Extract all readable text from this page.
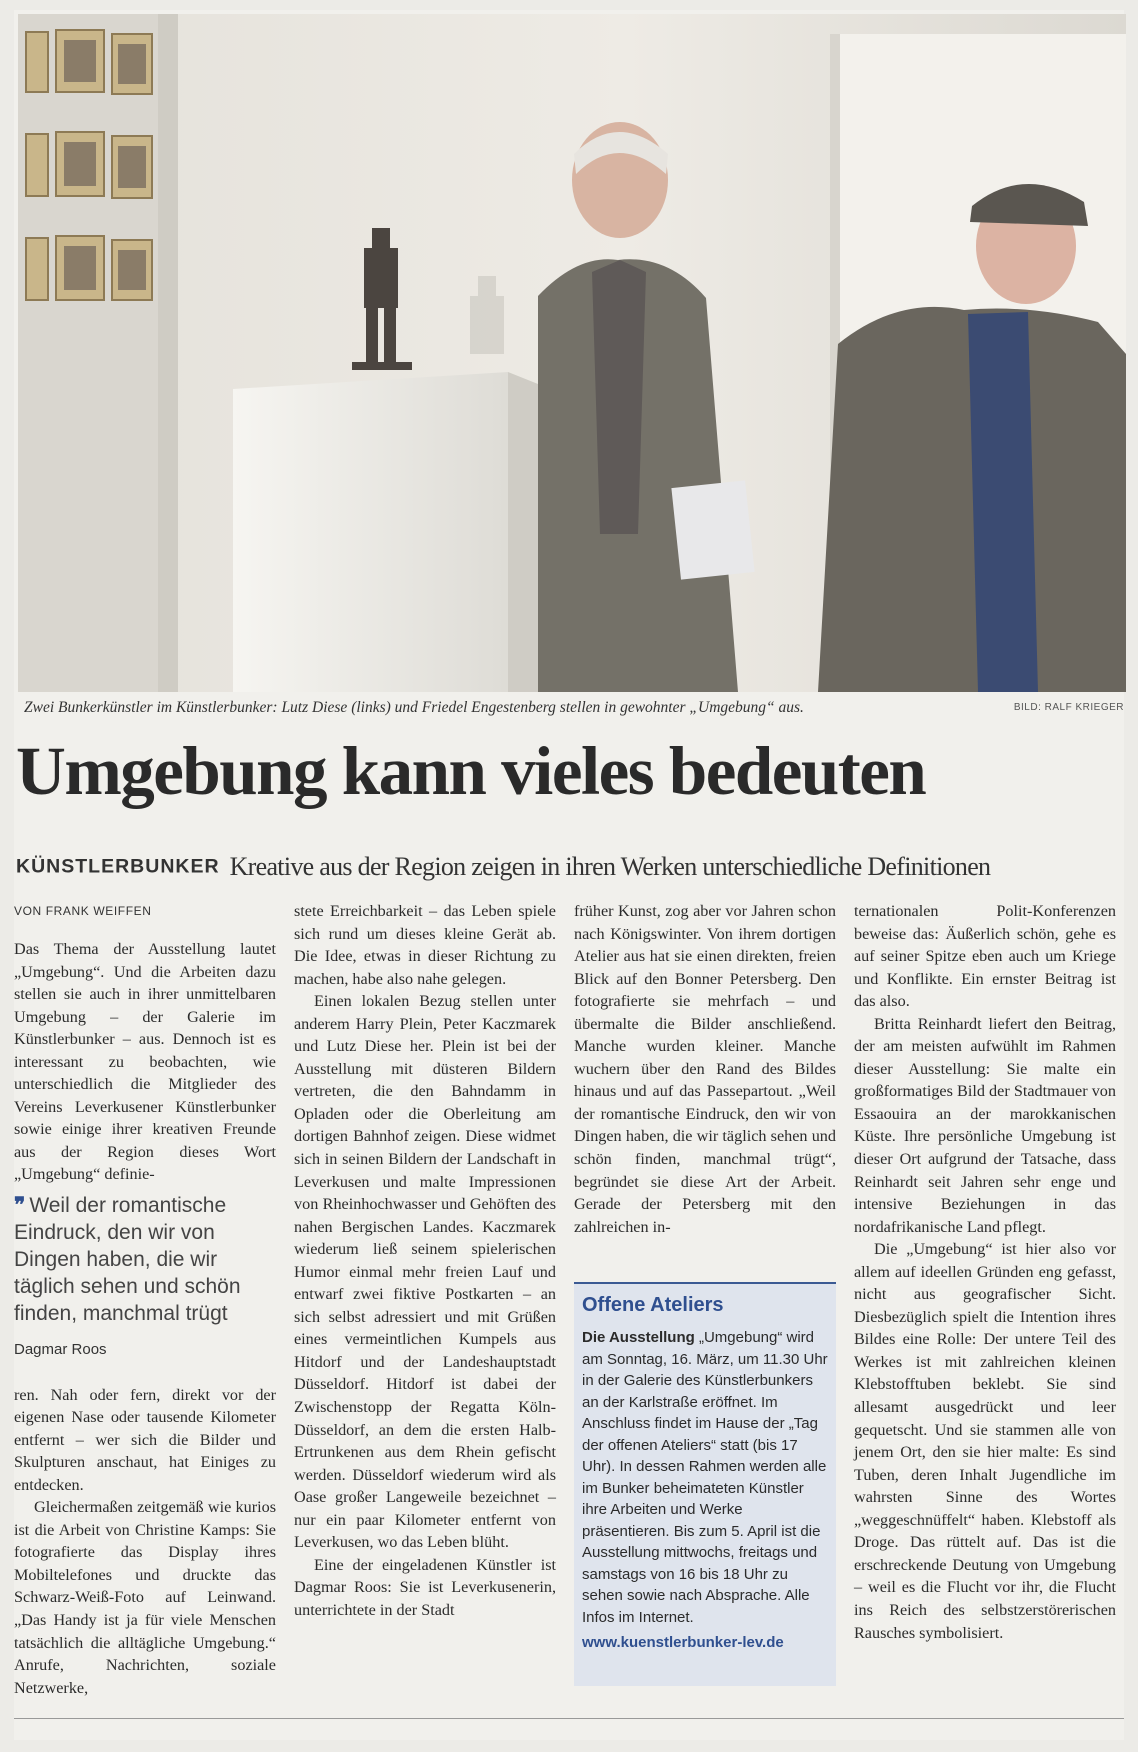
Zwei Bunkerkünstler im Künstlerbunker: Lutz Diese (links) und Friedel Engestenberg stellen in gewohnter „Umgebung“ aus.	BILD: RALF KRIEGER
Umgebung kann vieles bedeuten
KÜNSTLERBUNKER Kreative aus der Region zeigen in ihren Werken unterschiedliche Definitionen
VON FRANK WEIFFEN

Das Thema der Ausstellung lautet „Umgebung“. Und die Arbeiten dazu stellen sie auch in ihrer unmittelbaren Umgebung – der Galerie im Künstlerbunker – aus. Dennoch ist es interessant zu beobachten, wie unterschiedlich die Mitglieder des Vereins Leverkusener Künstlerbunker sowie einige ihrer kreativen Freunde aus der Region dieses Wort „Umgebung“ definie-

❞ Weil der romantische Eindruck, den wir von Dingen haben, die wir täglich sehen und schön finden, manchmal trügt
Dagmar Roos

ren. Nah oder fern, direkt vor der eigenen Nase oder tausende Kilometer entfernt – wer sich die Bilder und Skulpturen anschaut, hat Einiges zu entdecken.

Gleichermaßen zeitgemäß wie kurios ist die Arbeit von Christine Kamps: Sie fotografierte das Display ihres Mobiltelefones und druckte das Schwarz-Weiß-Foto auf Leinwand. „Das Handy ist ja für viele Menschen tatsächlich die alltägliche Umgebung.“ Anrufe, Nachrichten, soziale Netzwerke,

stete Erreichbarkeit – das Leben spiele sich rund um dieses kleine Gerät ab. Die Idee, etwas in dieser Richtung zu machen, habe also nahe gelegen.

Einen lokalen Bezug stellen unter anderem Harry Plein, Peter Kaczmarek und Lutz Diese her. Plein ist bei der Ausstellung mit düsteren Bildern vertreten, die den Bahndamm in Opladen oder die Oberleitung am dortigen Bahnhof zeigen. Diese widmet sich in seinen Bildern der Landschaft in Leverkusen und malte Impressionen von Rheinhochwasser und Gehöften des nahen Bergischen Landes. Kaczmarek wiederum ließ seinem spielerischen Humor einmal mehr freien Lauf und entwarf zwei fiktive Postkarten – an sich selbst adressiert und mit Grüßen eines vermeintlichen Kumpels aus Hitdorf und der Landeshauptstadt Düsseldorf. Hitdorf ist dabei der Zwischenstopp der Regatta Köln-Düsseldorf, an dem die ersten Halb-Ertrunkenen aus dem Rhein gefischt werden. Düsseldorf wiederum wird als Oase großer Langeweile bezeichnet – nur ein paar Kilometer entfernt von Leverkusen, wo das Leben blüht.

Eine der eingeladenen Künstler ist Dagmar Roos: Sie ist Leverkusenerin, unterrichtete in der Stadt

früher Kunst, zog aber vor Jahren schon nach Königswinter. Von ihrem dortigen Atelier aus hat sie einen direkten, freien Blick auf den Bonner Petersberg. Den fotografierte sie mehrfach – und übermalte die Bilder anschließend. Manche wurden kleiner. Manche wuchern über den Rand des Bildes hinaus und auf das Passepartout. „Weil der romantische Eindruck, den wir von Dingen haben, die wir täglich sehen und schön finden, manchmal trügt“, begründet sie diese Art der Arbeit. Gerade der Petersberg mit den zahlreichen in-

Offene Ateliers
Die Ausstellung „Umgebung“ wird am Sonntag, 16. März, um 11.30 Uhr in der Galerie des Künstlerbunkers an der Karlstraße eröffnet. Im Anschluss findet im Hause der „Tag der offenen Ateliers“ statt (bis 17 Uhr). In dessen Rahmen werden alle im Bunker beheimateten Künstler ihre Arbeiten und Werke präsentieren. Bis zum 5. April ist die Ausstellung mittwochs, freitags und samstags von 16 bis 18 Uhr zu sehen sowie nach Absprache. Alle Infos im Internet.
www.kuenstlerbunker-lev.de

ternationalen Polit-Konferenzen beweise das: Äußerlich schön, gehe es auf seiner Spitze eben auch um Kriege und Konflikte. Ein ernster Beitrag ist das also.

Britta Reinhardt liefert den Beitrag, der am meisten aufwühlt im Rahmen dieser Ausstellung: Sie malte ein großformatiges Bild der Stadtmauer von Essaouira an der marokkanischen Küste. Ihre persönliche Umgebung ist dieser Ort aufgrund der Tatsache, dass Reinhardt seit Jahren sehr enge und intensive Beziehungen in das nordafrikanische Land pflegt.

Die „Umgebung“ ist hier also vor allem auf ideellen Gründen eng gefasst, nicht aus geografischer Sicht. Diesbezüglich spielt die Intention ihres Bildes eine Rolle: Der untere Teil des Werkes ist mit zahlreichen kleinen Klebstofftuben beklebt. Sie sind allesamt ausgedrückt und leer gequetscht. Und sie stammen alle von jenem Ort, den sie hier malte: Es sind Tuben, deren Inhalt Jugendliche im wahrsten Sinne des Wortes „weggeschnüffelt“ haben. Klebstoff als Droge. Das rüttelt auf. Das ist die erschreckende Deutung von Umgebung – weil es die Flucht vor ihr, die Flucht ins Reich des selbstzerstörerischen Rausches symbolisiert.
